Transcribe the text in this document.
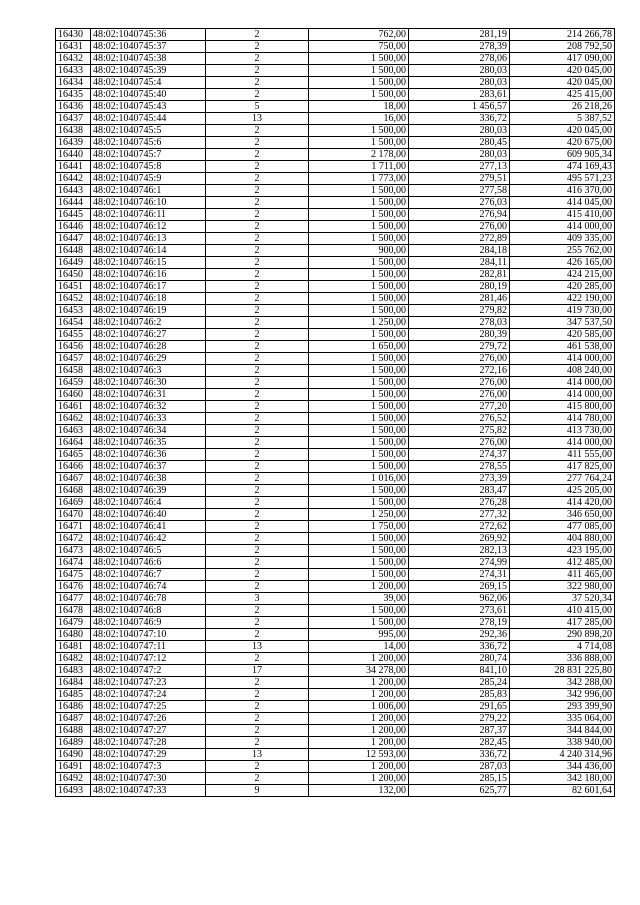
16430	48:02:1040745:36	2	762,00	281,19	214 266,78
16431	48:02:1040745:37	2	750,00	278,39	208 792,50
16432	48:02:1040745:38	2	1 500,00	278,06	417 090,00
16433	48:02:1040745:39	2	1 500,00	280,03	420 045,00
16434	48:02:1040745:4	2	1 500,00	280,03	420 045,00
16435	48:02:1040745:40	2	1 500,00	283,61	425 415,00
16436	48:02:1040745:43	5	18,00	1 456,57	26 218,26
16437	48:02:1040745:44	13	16,00	336,72	5 387,52
16438	48:02:1040745:5	2	1 500,00	280,03	420 045,00
16439	48:02:1040745:6	2	1 500,00	280,45	420 675,00
16440	48:02:1040745:7	2	2 178,00	280,03	609 905,34
16441	48:02:1040745:8	2	1 711,00	277,13	474 169,43
16442	48:02:1040745:9	2	1 773,00	279,51	495 571,23
16443	48:02:1040746:1	2	1 500,00	277,58	416 370,00
16444	48:02:1040746:10	2	1 500,00	276,03	414 045,00
16445	48:02:1040746:11	2	1 500,00	276,94	415 410,00
16446	48:02:1040746:12	2	1 500,00	276,00	414 000,00
16447	48:02:1040746:13	2	1 500,00	272,89	409 335,00
16448	48:02:1040746:14	2	900,00	284,18	255 762,00
16449	48:02:1040746:15	2	1 500,00	284,11	426 165,00
16450	48:02:1040746:16	2	1 500,00	282,81	424 215,00
16451	48:02:1040746:17	2	1 500,00	280,19	420 285,00
16452	48:02:1040746:18	2	1 500,00	281,46	422 190,00
16453	48:02:1040746:19	2	1 500,00	279,82	419 730,00
16454	48:02:1040746:2	2	1 250,00	278,03	347 537,50
16455	48:02:1040746:27	2	1 500,00	280,39	420 585,00
16456	48:02:1040746:28	2	1 650,00	279,72	461 538,00
16457	48:02:1040746:29	2	1 500,00	276,00	414 000,00
16458	48:02:1040746:3	2	1 500,00	272,16	408 240,00
16459	48:02:1040746:30	2	1 500,00	276,00	414 000,00
16460	48:02:1040746:31	2	1 500,00	276,00	414 000,00
16461	48:02:1040746:32	2	1 500,00	277,20	415 800,00
16462	48:02:1040746:33	2	1 500,00	276,52	414 780,00
16463	48:02:1040746:34	2	1 500,00	275,82	413 730,00
16464	48:02:1040746:35	2	1 500,00	276,00	414 000,00
16465	48:02:1040746:36	2	1 500,00	274,37	411 555,00
16466	48:02:1040746:37	2	1 500,00	278,55	417 825,00
16467	48:02:1040746:38	2	1 016,00	273,39	277 764,24
16468	48:02:1040746:39	2	1 500,00	283,47	425 205,00
16469	48:02:1040746:4	2	1 500,00	276,28	414 420,00
16470	48:02:1040746:40	2	1 250,00	277,32	346 650,00
16471	48:02:1040746:41	2	1 750,00	272,62	477 085,00
16472	48:02:1040746:42	2	1 500,00	269,92	404 880,00
16473	48:02:1040746:5	2	1 500,00	282,13	423 195,00
16474	48:02:1040746:6	2	1 500,00	274,99	412 485,00
16475	48:02:1040746:7	2	1 500,00	274,31	411 465,00
16476	48:02:1040746:74	2	1 200,00	269,15	322 980,00
16477	48:02:1040746:78	3	39,00	962,06	37 520,34
16478	48:02:1040746:8	2	1 500,00	273,61	410 415,00
16479	48:02:1040746:9	2	1 500,00	278,19	417 285,00
16480	48:02:1040747:10	2	995,00	292,36	290 898,20
16481	48:02:1040747:11	13	14,00	336,72	4 714,08
16482	48:02:1040747:12	2	1 200,00	280,74	336 888,00
16483	48:02:1040747:2	17	34 278,00	841,10	28 831 225,80
16484	48:02:1040747:23	2	1 200,00	285,24	342 288,00
16485	48:02:1040747:24	2	1 200,00	285,83	342 996,00
16486	48:02:1040747:25	2	1 006,00	291,65	293 399,90
16487	48:02:1040747:26	2	1 200,00	279,22	335 064,00
16488	48:02:1040747:27	2	1 200,00	287,37	344 844,00
16489	48:02:1040747:28	2	1 200,00	282,45	338 940,00
16490	48:02:1040747:29	13	12 593,00	336,72	4 240 314,96
16491	48:02:1040747:3	2	1 200,00	287,03	344 436,00
16492	48:02:1040747:30	2	1 200,00	285,15	342 180,00
16493	48:02:1040747:33	9	132,00	625,77	82 601,64
